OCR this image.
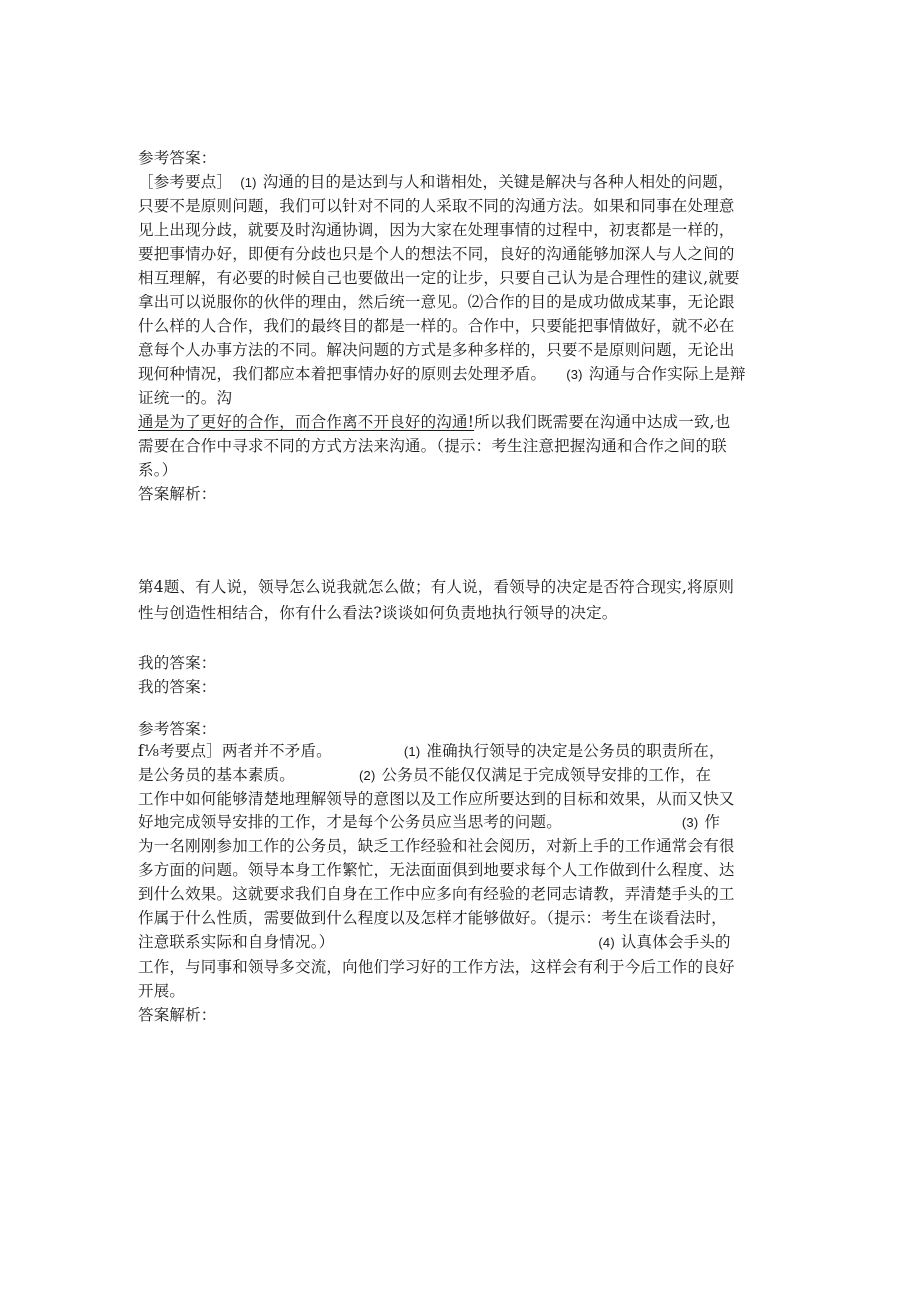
参考答案：
［参考要点］ (1) 沟通的目的是达到与人和谐相处，关键是解决与各种人相处的问题，
只要不是原则问题，我们可以针对不同的人采取不同的沟通方法。如果和同事在处理意
见上出现分歧，就要及时沟通协调，因为大家在处理事情的过程中，初衷都是一样的，
要把事情办好，即便有分歧也只是个人的想法不同，良好的沟通能够加深人与人之间的
相互理解，有必要的时候自己也要做出一定的让步，只要自己认为是合理性的建议,就要
拿出可以说服你的伙伴的理由，然后统一意见。⑵合作的目的是成功做成某事，无论跟
什么样的人合作，我们的最终目的都是一样的。合作中，只要能把事情做好，就不必在
意每个人办事方法的不同。解决问题的方式是多种多样的，只要不是原则问题，无论出
现何种情况，我们都应本着把事情办好的原则去处理矛盾。 (3) 沟通与合作实际上是辩
证统一的。沟
通是为了更好的合作，而合作离不开良好的沟通!所以我们既需要在沟通中达成一致,也
需要在合作中寻求不同的方式方法来沟通。（提示：考生注意把握沟通和合作之间的联
系。）
答案解析：
第4题、有人说，领导怎么说我就怎么做；有人说，看领导的决定是否符合现实,将原则
性与创造性相结合，你有什么看法?谈谈如何负责地执行领导的决定。
我的答案：
我的答案：
参考答案：
f⅛考要点］两者并不矛盾。	(1) 准确执行领导的决定是公务员的职责所在，
是公务员的基本素质。	(2) 公务员不能仅仅满足于完成领导安排的工作，在
工作中如何能够清楚地理解领导的意图以及工作应所要达到的目标和效果，从而又快又
好地完成领导安排的工作，才是每个公务员应当思考的问题。	(3) 作
为一名刚刚参加工作的公务员，缺乏工作经验和社会阅历，对新上手的工作通常会有很
多方面的问题。领导本身工作繁忙，无法面面俱到地要求每个人工作做到什么程度、达
到什么效果。这就要求我们自身在工作中应多向有经验的老同志请教，弄清楚手头的工
作属于什么性质，需要做到什么程度以及怎样才能够做好。（提示：考生在谈看法时，
注意联系实际和自身情况。）	(4) 认真体会手头的
工作，与同事和领导多交流，向他们学习好的工作方法，这样会有利于今后工作的良好
开展。
答案解析：
